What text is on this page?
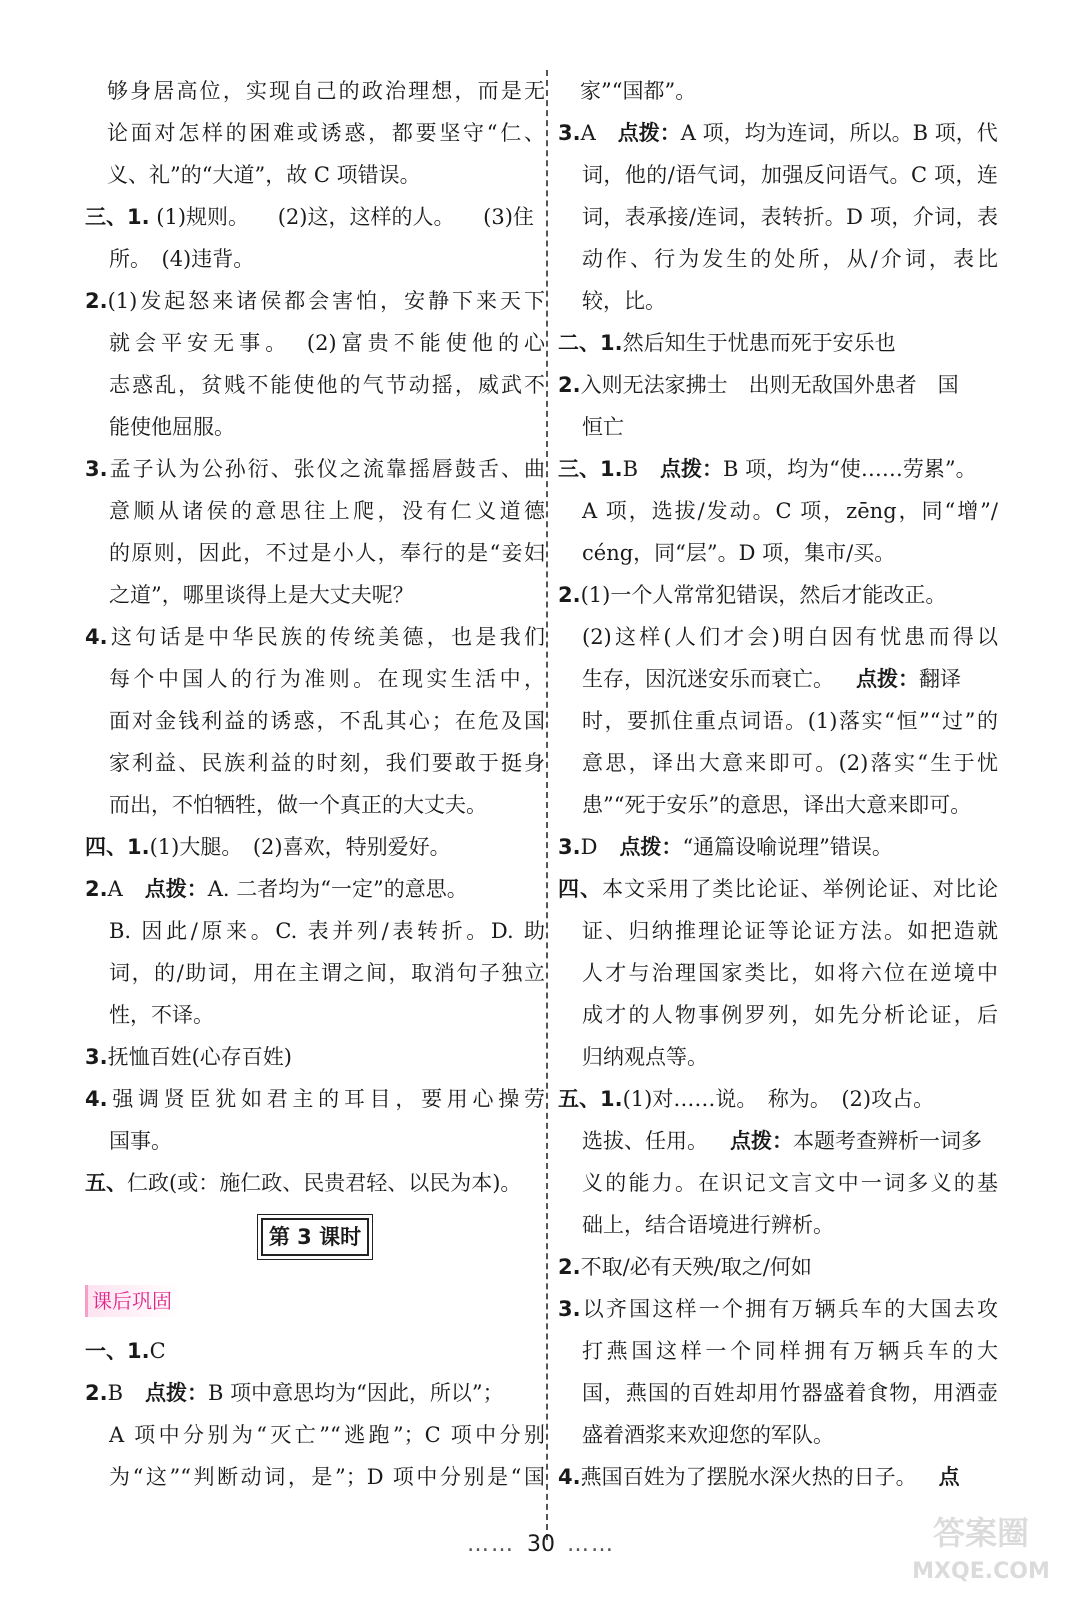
够身居高位，实现自己的政治理想，而是无
论面对怎样的困难或诱惑，都要坚守“仁、
义、礼”的“大道”，故 C 项错误。
三、1. (1)规则。 (2)这，这样的人。 (3)住
所。　(4)违背。
2.(1)发起怒来诸侯都会害怕，安静下来天下
就会平安无事。　(2)富贵不能使他的心
志惑乱，贫贱不能使他的气节动摇，威武不
能使他屈服。
3.孟子认为公孙衍、张仪之流靠摇唇鼓舌、曲
意顺从诸侯的意思往上爬，没有仁义道德
的原则，因此，不过是小人，奉行的是“妾妇
之道”，哪里谈得上是大丈夫呢？
4.这句话是中华民族的传统美德，也是我们
每个中国人的行为准则。在现实生活中，
面对金钱利益的诱惑，不乱其心；在危及国
家利益、民族利益的时刻，我们要敢于挺身
而出，不怕牺牲，做一个真正的大丈夫。
四、1.(1)大腿。　(2)喜欢，特别爱好。
2.A 点拨：A. 二者均为“一定”的意思。
B. 因此/原来。C. 表并列/表转折。D. 助
词，的/助词，用在主谓之间，取消句子独立
性，不译。
3.抚恤百姓(心存百姓)
4.强调贤臣犹如君主的耳目，要用心操劳
国事。
五、仁政(或：施仁政、民贵君轻、以民为本)。
第 3 课时
课后巩固
一、1.C
2.B 点拨：B 项中意思均为“因此，所以”；
A 项中分别为“灭亡”“逃跑”；C 项中分别
为“这”“判断动词，是”；D 项中分别是“国
家”“国都”。
3.A 点拨：A 项，均为连词，所以。B 项，代
词，他的/语气词，加强反问语气。C 项，连
词，表承接/连词，表转折。D 项，介词，表
动作、行为发生的处所，从/介词，表比
较，比。
二、1.然后知生于忧患而死于安乐也
2.入则无法家拂士　出则无敌国外患者　国
恒亡
三、1.B 点拨：B 项，均为“使……劳累”。
A 项，选拔/发动。C 项，zēng，同“增”/
céng，同“层”。D 项，集市/买。
2.(1)一个人常常犯错误，然后才能改正。
(2)这样(人们才会)明白因有忧患而得以
生存，因沉迷安乐而衰亡。 点拨：翻译
时，要抓住重点词语。(1)落实“恒”“过”的
意思，译出大意来即可。(2)落实“生于忧
患”“死于安乐”的意思，译出大意来即可。
3.D 点拨：“通篇设喻说理”错误。
四、本文采用了类比论证、举例论证、对比论
证、归纳推理论证等论证方法。如把造就
人才与治理国家类比，如将六位在逆境中
成才的人物事例罗列，如先分析论证，后
归纳观点等。
五、1.(1)对……说。　称为。　(2)攻占。
选拔、任用。 点拨：本题考查辨析一词多
义的能力。在识记文言文中一词多义的基
础上，结合语境进行辨析。
2.不取/必有天殃/取之/何如
3.以齐国这样一个拥有万辆兵车的大国去攻
打燕国这样一个同样拥有万辆兵车的大
国，燕国的百姓却用竹器盛着食物，用酒壶
盛着酒浆来欢迎您的军队。
4.燕国百姓为了摆脱水深火热的日子。 点
…… 30 ……	答案圈
MXQE.COM
